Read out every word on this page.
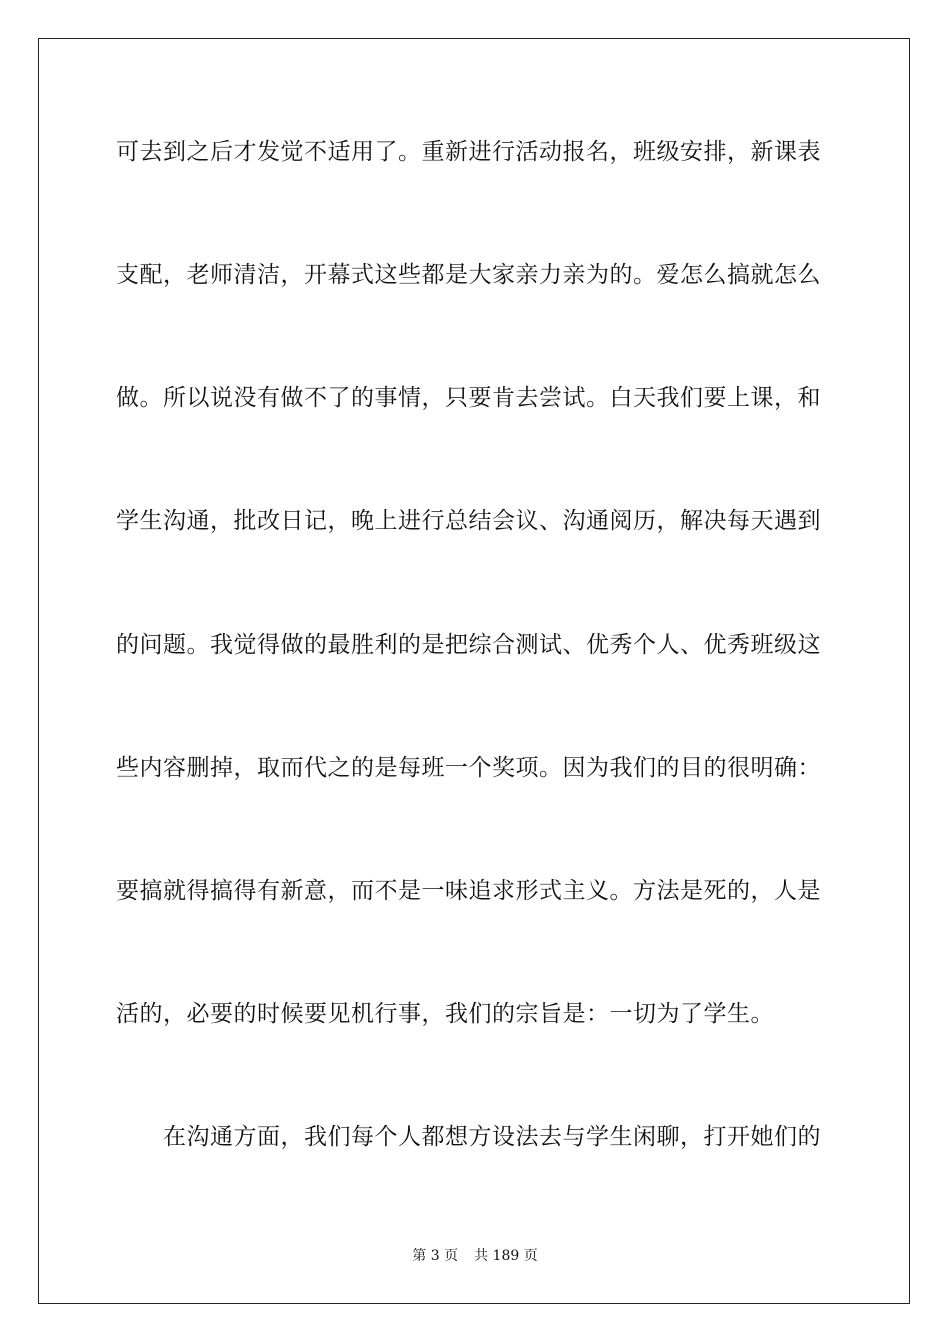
可去到之后才发觉不适用了。重新进行活动报名，班级安排，新课表
支配，老师清洁，开幕式这些都是大家亲力亲为的。爱怎么搞就怎么
做。所以说没有做不了的事情，只要肯去尝试。白天我们要上课，和
学生沟通，批改日记，晚上进行总结会议、沟通阅历，解决每天遇到
的问题。我觉得做的最胜利的是把综合测试、优秀个人、优秀班级这
些内容删掉，取而代之的是每班一个奖项。因为我们的目的很明确：
要搞就得搞得有新意，而不是一味追求形式主义。方法是死的，人是
活的，必要的时候要见机行事，我们的宗旨是：一切为了学生。
在沟通方面，我们每个人都想方设法去与学生闲聊，打开她们的
第 3 页 共 189 页
